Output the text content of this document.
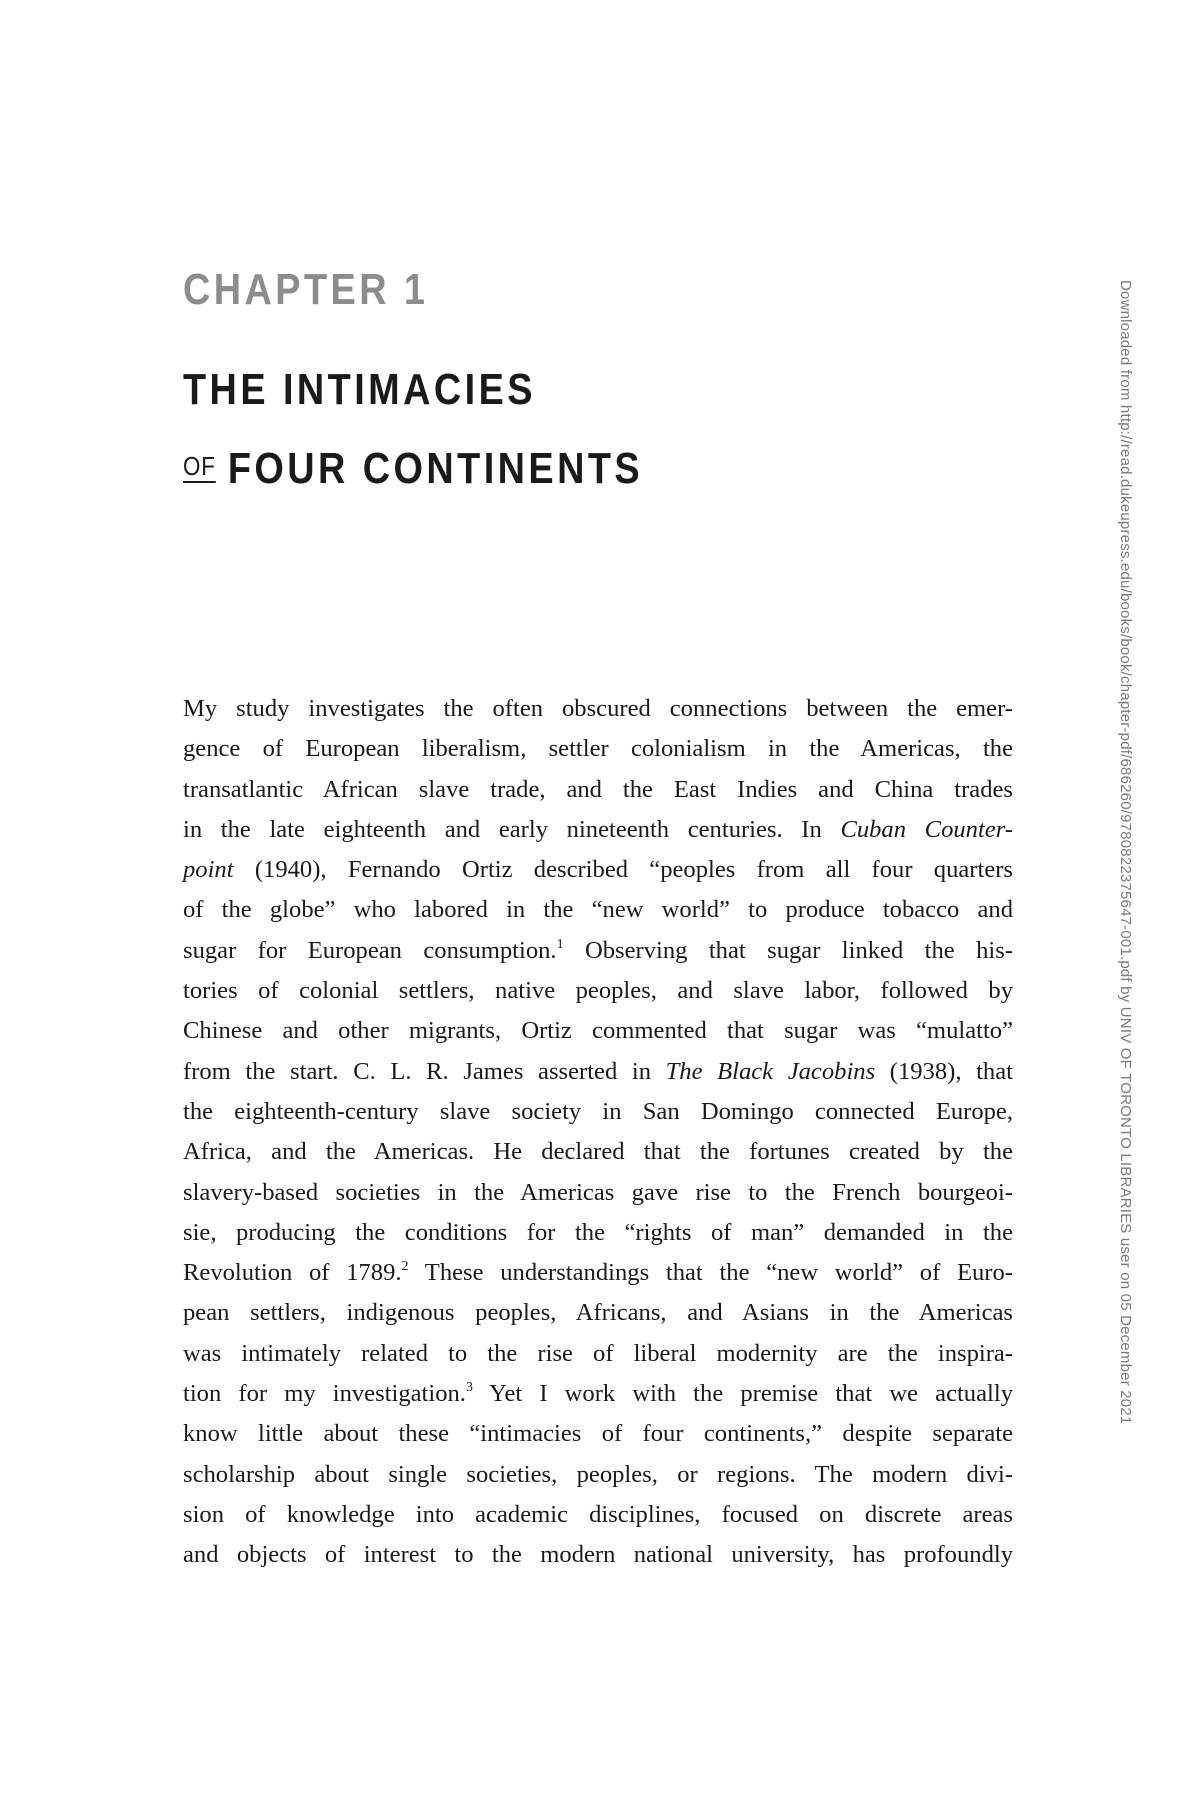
CHAPTER 1
THE INTIMACIES
OF FOUR CONTINENTS
My study investigates the often obscured connections between the emer-
gence of European liberalism, settler colonialism in the Americas, the
transatlantic African slave trade, and the East Indies and China trades
in the late eighteenth and early nineteenth centuries. In Cuban Counter-
point (1940), Fernando Ortiz described “peoples from all four quarters
of the globe” who labored in the “new world” to produce tobacco and
sugar for European consumption.$^1$ Observing that sugar linked the his-
tories of colonial settlers, native peoples, and slave labor, followed by
Chinese and other migrants, Ortiz commented that sugar was “mulatto”
from the start. C. L. R. James asserted in The Black Jacobins (1938), that
the eighteenth-century slave society in San Domingo connected Europe,
Africa, and the Americas. He declared that the fortunes created by the
slavery-based societies in the Americas gave rise to the French bourgeoi-
sie, producing the conditions for the “rights of man” demanded in the
Revolution of 1789.$^2$ These understandings that the “new world” of Euro-
pean settlers, indigenous peoples, Africans, and Asians in the Americas
was intimately related to the rise of liberal modernity are the inspira-
tion for my investigation.$^3$ Yet I work with the premise that we actually
know little about these “intimacies of four continents,” despite separate
scholarship about single societies, peoples, or regions. The modern divi-
sion of knowledge into academic disciplines, focused on discrete areas
and objects of interest to the modern national university, has profoundly
Downloaded from http://read.dukeupress.edu/books/book/chapter-pdf/686260/9780822375647-001.pdf by UNIV OF TORONTO LIBRARIES user on 05 December 2021
